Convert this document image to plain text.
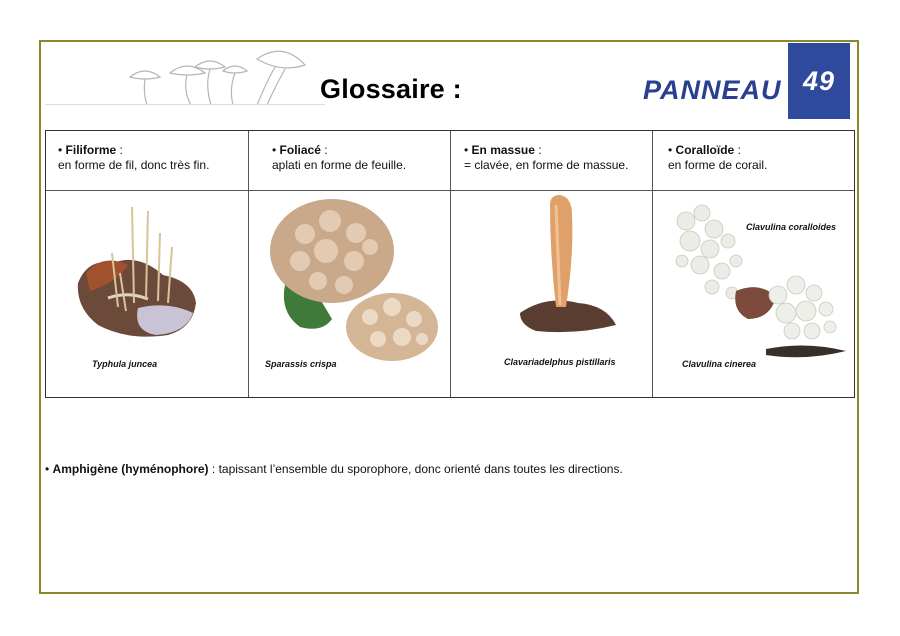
Glossaire :	PANNEAU 49
• Filiforme :
en forme de fil, donc très fin.
Typhula juncea
• Foliacé :
aplati en forme de feuille.
Sparassis crispa
• En massue :
= clavée, en forme de massue.
Clavariadelphus pistillaris
• Coralloïde :
en forme de corail.
Clavulina coralloides
Clavulina cinerea
• Amphigène (hyménophore) : tapissant l’ensemble du sporophore, donc orienté dans toutes les directions.
